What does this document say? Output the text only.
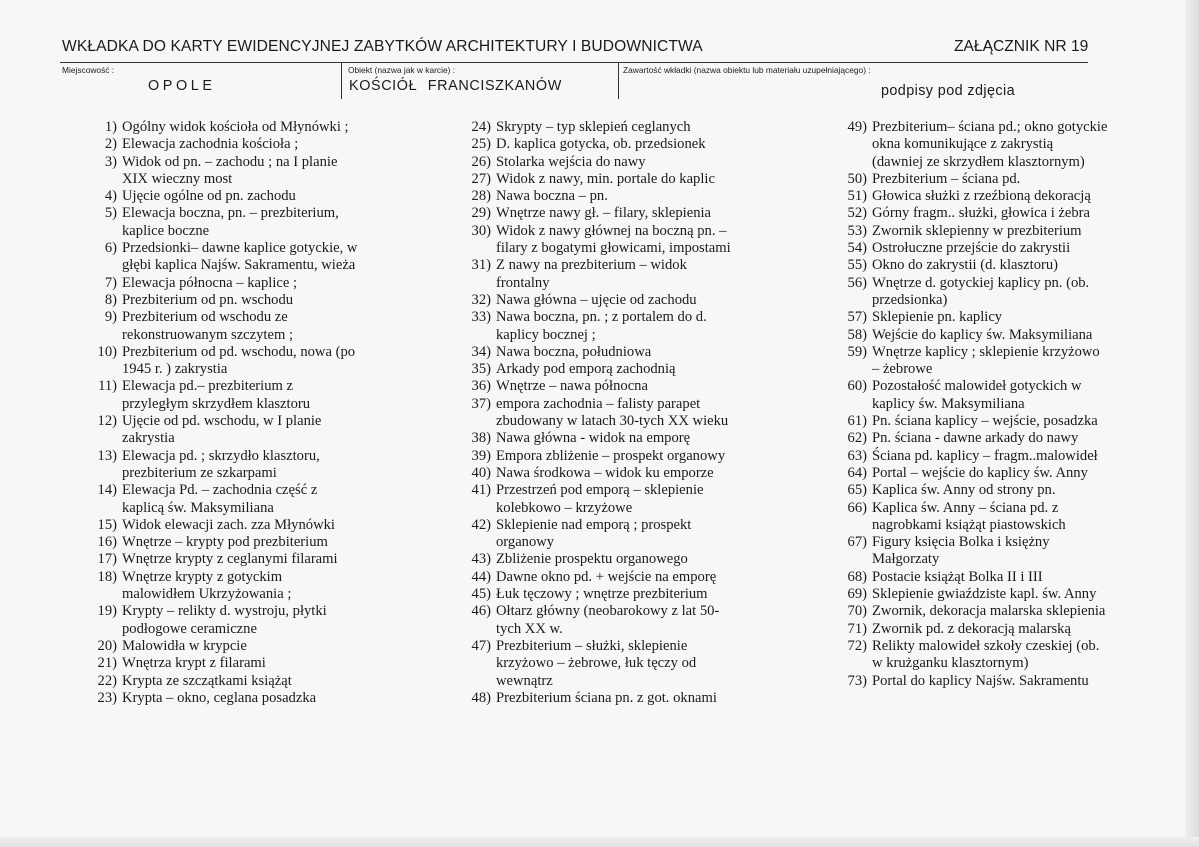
WKŁADKA DO KARTY EWIDENCYJNEJ ZABYTKÓW ARCHITEKTURY I BUDOWNICTWA	ZAŁĄCZNIK NR 19
Miejscowość :
OPOLE
Obiekt (nazwa jak w karcie) :
KOŚCIÓŁ FRANCISZKANÓW
Zawartość wkładki (nazwa obiektu lub materiału uzupełniającego) :
podpisy pod zdjęcia
1) Ogólny widok kościoła od Młynówki ;
2) Elewacja zachodnia kościoła ;
3) Widok od pn. – zachodu ; na I planie
XIX wieczny most
4) Ujęcie ogólne od pn. zachodu
5) Elewacja boczna, pn. – prezbiterium,
kaplice boczne
6) Przedsionki– dawne kaplice gotyckie, w
głębi kaplica Najśw. Sakramentu, wieża
7) Elewacja północna – kaplice ;
8) Prezbiterium od pn. wschodu
9) Prezbiterium od wschodu ze
rekonstruowanym szczytem ;
10) Prezbiterium od pd. wschodu, nowa (po
1945 r. ) zakrystia
11) Elewacja pd.– prezbiterium z
przyległym skrzydłem klasztoru
12) Ujęcie od pd. wschodu, w I planie
zakrystia
13) Elewacja pd. ; skrzydło klasztoru,
prezbiterium ze szkarpami
14) Elewacja Pd. – zachodnia część z
kaplicą św. Maksymiliana
15) Widok elewacji zach. zza Młynówki
16) Wnętrze – krypty pod prezbiterium
17) Wnętrze krypty z ceglanymi filarami
18) Wnętrze krypty z gotyckim
malowidłem Ukrzyżowania ;
19) Krypty – relikty d. wystroju, płytki
podłogowe ceramiczne
20) Malowidła w krypcie
21) Wnętrza krypt z filarami
22) Krypta ze szczątkami książąt
23) Krypta – okno, ceglana posadzka
24) Skrypty – typ sklepień ceglanych
25) D. kaplica gotycka, ob. przedsionek
26) Stolarka wejścia do nawy
27) Widok z nawy, min. portale do kaplic
28) Nawa boczna – pn.
29) Wnętrze nawy gł. – filary, sklepienia
30) Widok z nawy głównej na boczną pn. –
filary z bogatymi głowicami, impostami
31) Z nawy na prezbiterium – widok
frontalny
32) Nawa główna – ujęcie od zachodu
33) Nawa boczna, pn. ; z portalem do d.
kaplicy bocznej ;
34) Nawa boczna, południowa
35) Arkady pod emporą zachodnią
36) Wnętrze – nawa północna
37) empora zachodnia – falisty parapet
zbudowany w latach 30-tych XX wieku
38) Nawa główna - widok na emporę
39) Empora zbliżenie – prospekt organowy
40) Nawa środkowa – widok ku emporze
41) Przestrzeń pod emporą – sklepienie
kolebkowo – krzyżowe
42) Sklepienie nad emporą ; prospekt
organowy
43) Zbliżenie prospektu organowego
44) Dawne okno pd. + wejście na emporę
45) Łuk tęczowy ; wnętrze prezbiterium
46) Ołtarz główny (neobarokowy z lat 50-
tych XX w.
47) Prezbiterium – służki, sklepienie
krzyżowo – żebrowe, łuk tęczy od
wewnątrz
48) Prezbiterium ściana pn. z got. oknami
49) Prezbiterium– ściana pd.; okno gotyckie
okna komunikujące z zakrystią
(dawniej ze skrzydłem klasztornym)
50) Prezbiterium – ściana pd.
51) Głowica służki z rzeźbioną dekoracją
52) Górny fragm.. służki, głowica i żebra
53) Zwornik sklepienny w prezbiterium
54) Ostrołuczne przejście do zakrystii
55) Okno do zakrystii (d. klasztoru)
56) Wnętrze d. gotyckiej kaplicy pn. (ob.
przedsionka)
57) Sklepienie pn. kaplicy
58) Wejście do kaplicy św. Maksymiliana
59) Wnętrze kaplicy ; sklepienie krzyżowo
– żebrowe
60) Pozostałość malowideł gotyckich w
kaplicy św. Maksymiliana
61) Pn. ściana kaplicy – wejście, posadzka
62) Pn. ściana - dawne arkady do nawy
63) Ściana pd. kaplicy – fragm..malowideł
64) Portal – wejście do kaplicy św. Anny
65) Kaplica św. Anny od strony pn.
66) Kaplica św. Anny – ściana pd. z
nagrobkami książąt piastowskich
67) Figury księcia Bolka i księżny
Małgorzaty
68) Postacie książąt Bolka II i III
69) Sklepienie gwiaździste kapl. św. Anny
70) Zwornik, dekoracja malarska sklepienia
71) Zwornik pd. z dekoracją malarską
72) Relikty malowideł szkoły czeskiej (ob.
w krużganku klasztornym)
73) Portal do kaplicy Najśw. Sakramentu
